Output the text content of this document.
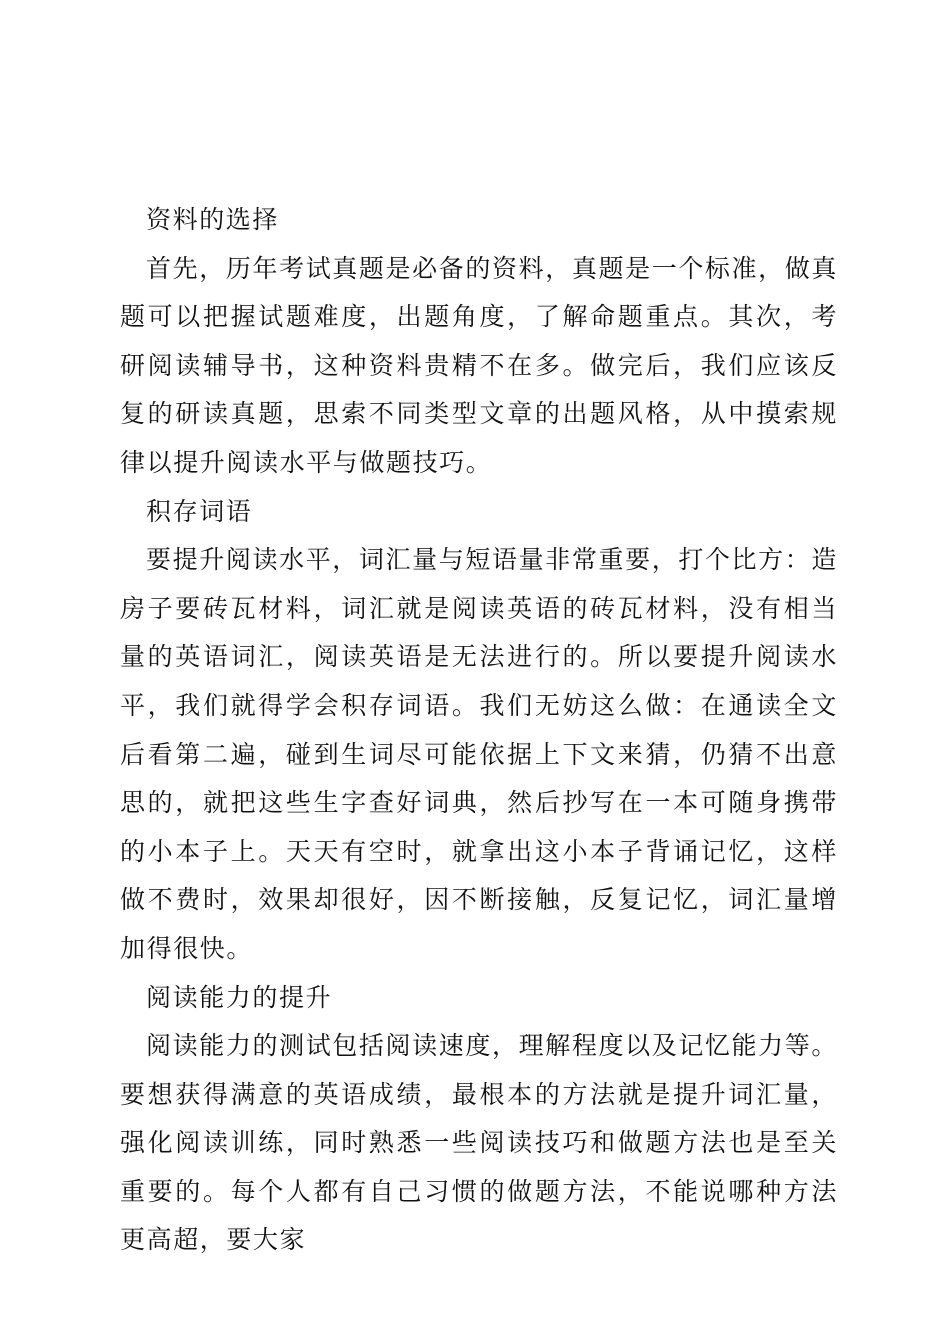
资料的选择

首先，历年考试真题是必备的资料，真题是一个标准，做真题可以把握试题难度，出题角度，了解命题重点。其次，考研阅读辅导书，这种资料贵精不在多。做完后，我们应该反复的研读真题，思索不同类型文章的出题风格，从中摸索规律以提升阅读水平与做题技巧。

积存词语

要提升阅读水平，词汇量与短语量非常重要，打个比方：造房子要砖瓦材料，词汇就是阅读英语的砖瓦材料，没有相当量的英语词汇，阅读英语是无法进行的。所以要提升阅读水平，我们就得学会积存词语。我们无妨这么做：在通读全文后看第二遍，碰到生词尽可能依据上下文来猜，仍猜不出意思的，就把这些生字查好词典，然后抄写在一本可随身携带的小本子上。天天有空时，就拿出这小本子背诵记忆，这样做不费时，效果却很好，因不断接触，反复记忆，词汇量增加得很快。

阅读能力的提升

阅读能力的测试包括阅读速度，理解程度以及记忆能力等。要想获得满意的英语成绩，最根本的方法就是提升词汇量，强化阅读训练，同时熟悉一些阅读技巧和做题方法也是至关重要的。每个人都有自己习惯的做题方法，不能说哪种方法更高超，要大家
